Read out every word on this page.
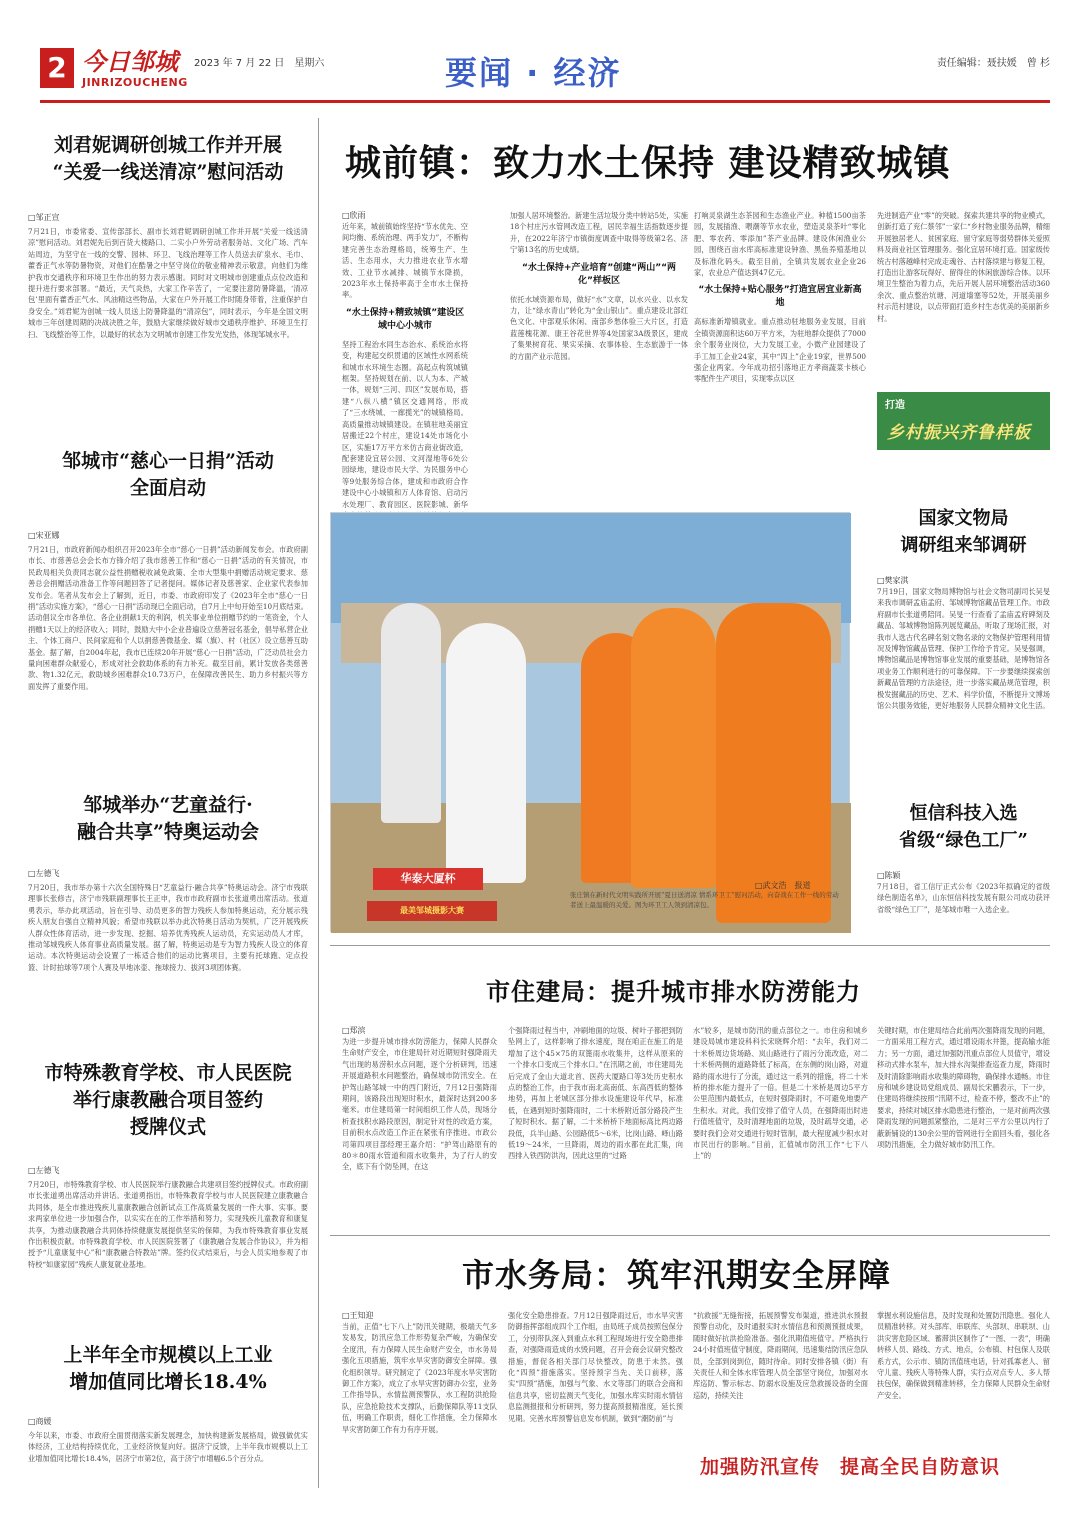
2 今日邹城
JINRIZOUCHENG
2023 年 7 月 22 日　星期六	要闻 · 经济	责任编辑：聂扶媛　曾 杉
刘君妮调研创城工作并开展
“关爱一线送清凉”慰问活动
□邹正宣
7月21日，市委常委、宣传部部长、副市长刘君妮调研创城工作并开展“关爱一线送清凉”慰问活动。刘君妮先后到百货大楼路口、二实小户外劳动者服务站、文化广场、汽车站周边，为坚守在一线的交警、园林、环卫、飞线治理等工作人员送去矿泉水、毛巾、藿香正气水等防暑物资，对他们在酷暑之中坚守岗位的敬业精神表示敬意，向他们为维护我市交通秩序和环境卫生作出的努力表示感谢。同时对文明城市创建重点点位改造和提升进行要求部署。“最近，天气炎热，大家工作辛苦了，一定要注意防暑降温，‘清凉包’里面有藿香正气水、风油精这些物品，大家在户外开展工作时随身带着，注重保护自身安全。”刘君妮为创城一线人员送上防暑降温的“清凉包”，同时表示，今年是全国文明城市三年创建周期的决战决胜之年，鼓励大家继续做好城市交通秩序维护、环境卫生打扫、飞线整治等工作，以最好的状态为文明城市创建工作发光发热，体现邹城水平。
邹城市“慈心一日捐”活动
全面启动
□宋亚娜
7月21日，市政府新闻办组织召开2023年全市“慈心一日捐”活动新闻发布会。市政府副市长、市慈善总会会长布方锋介绍了我市慈善工作和“慈心一日捐”活动的有关情况，市民政局相关负责同志就公益性捐赠税收减免政策、全市大型集中捐赠活动规定要求、慈善总会捐赠活动准备工作等问题回答了记者提问。媒体记者及慈善家、企业家代表参加发布会。笔者从发布会上了解到，近日，市委、市政府印发了《2023年全市“慈心一日捐”活动实施方案》，“慈心一日捐”活动现已全面启动，自7月上中旬开始至10月底结束。活动倡议全市各单位、各企业捐献1天的利润，机关事业单位捐赠节约的一笔资金，个人捐赠1天以上的经济收入；同时，鼓励大中小企业普遍设立慈善冠名基金，倡导私营企业主、个体工商户、民间家庭和个人以捐慈善微基金、媒（旗）、村（社区）设立慈善互助基金。据了解，自2004年起，我市已连续20年开展“慈心一日捐”活动，广泛动员社会力量向困难群众献爱心，形成对社会救助体系的有力补充。截至目前，累计发放各类慈善款、物1.32亿元，救助城乡困难群众10.73万户，在保障改善民生、助力乡村振兴等方面发挥了重要作用。
邹城举办“艺童益行·
融合共享”特奥运动会
□左德飞
7月20日，我市举办第十六次全国特殊日“艺童益行·融合共享”特奥运动会。济宁市残联理事长张修吉，济宁市残联副理事长王正申，我市市政府副市长张道勇出席活动。张道勇表示，举办此项活动，旨在引导、动员更多的智力残疾人参加特奥运动，充分展示残疾人朋友自强自立精神风貌；希望市残联以举办此次特奥日活动为契机，广泛开展残疾人群众性体育活动，进一步发现、挖掘、培养优秀残疾人运动员，充实运动员人才库，推动邹城残疾人体育事业高质量发展。据了解，特奥运动是专为智力残疾人设立的体育运动。本次特奥运动会设置了一栋适合他们的运动比赛项目，主要有托球跑、定点投篮、计时拍球等7项个人赛及旱地冰壶、拖球接力、拔河3项团体赛。
市特殊教育学校、市人民医院
举行康教融合项目签约
授牌仪式
□左德飞
7月20日，市特殊教育学校、市人民医院举行康教融合共建项目签约授牌仪式。市政府副市长张道勇出席活动并讲话。张道勇指出，市特殊教育学校与市人民医院建立康教融合共同体，是全市推进残疾儿童康教融合创新试点工作高质量发展的一件大事、实事。要求两家单位进一步加强合作，以实实在在的工作举措和努力，实现残疾儿童教育和康复共享，为推动康教融合共同体持续健康发展提供坚实的保障，为我市特殊教育事业发展作出积极贡献。市特殊教育学校、市人民医院签署了《康教融合发展合作协议》，并为相授予“儿童康复中心”和“康教融合特教站”牌。签约仪式结束后，与会人员实地参观了市特校“如康家园”残疾人康复就业基地。
上半年全市规模以上工业
增加值同比增长18.4%
□商媛
今年以来，市委、市政府全面贯彻落实新发展理念，加快构建新发展格局，做强做优实体经济，工业结构持续优化，工业经济恢复向好。据济宁反馈，上半年我市规模以上工业增加值同比增长18.4%，居济宁市第2位，高于济宁市增幅6.5个百分点。
城前镇：致力水土保持 建设精致城镇
□欣雨
近年来，城前镇始终坚持“节水优先、空间均衡、系统治理、两手发力”，不断构建完善生态治理格局，统筹生产、生活、生态用水，大力推进农业节水增效、工业节水减排、城镇节水降损，2023年水土保持率高于全市水土保持率。
“水土保持+精致城镇”建设区域中心小城市
坚持工程治水同生态治水、系统治水将变，构建起交织贯通的区域性水网系统和城市水环境生态圈。高起点构筑城镇框架。坚持规划在前、以人为本、产城一体，规划“三河、四区”发展布局，搭建“八纵八横”镇区交通网络，形成了“三水绕城、一廊揽光”的城镇格局。高质量推动城镇建设。在镇驻地美丽宜居搬迁22个村庄，建设14处市场化小区，实施17万平方米仿古商业街改造，配套建设宜居公园、文河湿地等6处公园绿地，建设市民大学、为民服务中心等9处服务综合体，建成和市政府合作建设中心小城镇和万人体育馆、启动污水处理厂、教育园区、医院影城、新华
加强人居环境整治。新建生活垃圾分类中转站5处，实施18个村庄污水管网改造工程，居民幸福生活指数逐步提升，在2022年济宁市镇街度调查中取得等级第2名、济宁第13名的历史成绩。
“水土保持+产业培育”创建“两山”“两化”样板区
依托水域资源布局，做好“水”文章，以水兴业、以水发力，让“绿水青山”转化为“金山银山”。重点建设北部红色文化、中部观乐休闲、南部乡愁体验三大片区，打造蓝莲槐花源、康王谷花世界等4处国家3A级景区，建成了集果树育花、果实采摘、农事体验、生态旅游于一体的方面产业示范园。
打响灵泉湖生态茶园和生态渔业产业。种植1500亩茶园，发展插渔、喂潮等节水农业，塑造灵泉茶叶“零化肥、零农药、零添加”茶产业品牌。建设休闲渔业公园，围绕百亩水库高标准建设钟渔、黑鱼养殖基地以及标准化码头。截至目前，全镇共发展农业企业26家，农业总产值达到47亿元。
“水土保持+贴心服务”打造宜居宜业新高地
高标准新增镇就业。重点推动驻地服务业发展，目前全镇资源面积达60万平方米，为驻地群众提供了7000余个服务业岗位，大力发展工业，小微产业园建设了手工加工企业24家，其中“四上”企业19家，世界500强企业两家。今年成功招引落地正方孝商蔬菜卡核心零配件生产项目，实现零点以区
先进制造产业“零”的突破。探索共建共享的物业模式，创新打造了兖仁蔡邻”一家仁“乡村物业服务品牌，精细开展独居老人、贫困家庭、留守家庭等弱势群体关爱照料及商业社区管理服务。强化宜居环境打造。国家级传统古村落越峰村完成走魂谷、古村落续建与修复工程，打造出让游客玩得好、留得住的休闲旅游综合体。以环境卫生整治为着力点，先后开展人居环境整治活动360余次、重点整治坑塘、河道墙塞等52处，开展美丽乡村示范村建设，以点带面打造乡村生态优美的美丽新乡村。
打造
乡村振兴齐鲁样板
华泰大厦杯
最美邹城摄影大赛
□武文浩　报道
张庄镇在新时代文明实践所开展“夏日送清凉 情系环卫工”慰问活动，向奋战在工作一线的劳动者送上最温暖的关爱。图为环卫工人领到清凉包。
国家文物局
调研组来邹调研
□樊家淇
7月19日，国家文物局博物馆与社会文物司副司长吴旻来我市调研孟庙孟府、邹城博物馆藏品管理工作。市政府副市长张道勇陪同。吴旻一行查看了孟庙孟府碑刻及藏品、邹城博物馆陈列展览藏品，听取了现场汇报，对我市人选古代名碑名刻文物名录的文物保护管理利用情况及博物馆藏品管理、保护工作给予肯定。吴旻强调，博物馆藏品是博物馆事业发展的重要基础，是博物馆各项业务工作顺利进行的可靠保障。下一步要继续探索创新藏品管理的方法途径，进一步落实藏品规范管理，积极发掘藏品的历史、艺术、科学价值，不断提升文博场馆公共服务效能，更好地服务人民群众精神文化生活。
恒信科技入选
省级“绿色工厂”
□陈颖
7月18日，省工信厅正式公布《2023年拟确定的省级绿色制造名单》，山东恒信科技发展有限公司成功获评省级“绿色工厂”，是邹城市唯一入选企业。
市住建局：提升城市排水防涝能力
□郑滨
为进一步提升城市排水防涝能力，保障人民群众生命财产安全，市住建局针对近期短时强降雨天气出现的易涝积水点问题，逐个分析研判，迅速开展道路积水问题整治，确保城市防汛安全。在护驾山路邹城一中的西门附近，7月12日强降雨期间，该路段出现短时积水，最深时达到200多毫米。市住建局第一时间组织工作人员，现场分析查找积水路段原因，制定针对性的改造方案，目前积水点改造工作正在紧张有序推进。市政公司第四项目部经理王嘉介绍：“护驾山路原有的80＊80雨水管道和雨水收集井，为了行人的安全，底下有个防坠网，在这
个强降雨过程当中，冲刷地面的垃圾、树叶子都把到防坠网上了，这样影响了排水速度，现在咱正在施工的是增加了这个45×75的双篦雨水收集井，这样从原来的一个排水口变成三个排水口。”在汛期之前，市住建局先后完成了金山大道北首、医药大厦路口等3处历史积水点的整治工作，由于我市南北高南低、东高西低的整体地势，再加上老城区部分排水设施建设年代早，标准低，在遇到短时强降雨时，二十米桥附近部分路段产生了短时积水。据了解，二十米桥桥下地面标高比两边路段低，兵半山路、公园路低5～6米，比岗山路、峄山路低19～24米，一旦降雨，周边的雨水都在此汇集，向西排入铁西防洪沟，因此这里的“过路
水”较多，是城市防汛的重点部位之一。市住房和城乡建设局城市建设科科长宋晓辉介绍：“去年，我们对二十米桥周边货场路、岚山路进行了雨污分流改造，对二十米桥两侧的道路降低了标高，在东侧的岗山路，对道路的雨水进行了分流，通过这一系列的措施，将二十米桥的排水能力提升了一倍。但是二十米桥是周边5平方公里范围内最低点，在短时强降雨时，不可避免地要产生积水。对此，我们安排了值守人员，在强降雨出时进行值班值守，及时清理地面的垃圾，及时疏导交通，必要时我们会对交通进行短时管制，最大程度减少积水对市民出行的影响。”目前，汇值城市防汛工作“七下八上”的
关键时期，市住建局结合此前两次强降雨发现的问题，一方面采用工程方式，通过增设雨水井篦，提高输水能力；另一方面，通过加强防汛重点部位人员值守，增设移动式排水泵车，加大排水沟渠排查巡查力度，降雨时及时清除影响雨水收集的障碍物，确保排水通畅。市住房和城乡建设局党组成员、副局长宋鹏表示，下一步，住建局将继续按照“汛期不过，检查不停，整改不止”的要求，持续对城区排水隐患进行整治，一是对前两次强降雨发现的问题抓紧整治，二是对三平方公里以内行了蔽新铺设的130余公里的管网进行全面回头看，强化各项防汛措施，全力做好城市防汛工作。
市水务局：筑牢汛期安全屏障
□王知迎
当前，正值“七下八上”防汛关键期，极端天气多发易发，防汛应急工作形势复杂严峻，为确保安全度汛，有力保障人民生命财产安全，市水务局强化五项措施，筑牢水旱灾害防御安全屏障。强化组织领导。研究制定了《2023年度水旱灾害防御工作方案》，成立了水旱灾害防御办公室，业务工作指导队，水情监测预警队，水工程防洪抢险队，应急抢险技术支撑队，后勤保障队等11支队伍，明确工作职责，细化工作措施，全力保障水旱灾害防御工作有力有序开展。
强化安全隐患排查。7月12日强降雨过后，市水旱灾害防御指挥部组成四个工作组，由局班子成员按照包保分工，分别带队深入到重点水利工程现场进行安全隐患排查，对强降雨造成的水毁问题，召开会商会议研究整改措施，督促各相关部门尽快整改，防患于未然。强化“四预”措施落实。坚持预字当先、关口前移，落实“四预”措施，加强与气象、水文等部门的联合会商和信息共享，密切监测天气变化，加强水库实时雨水情信息监测报报和分析研判，努力提高预报精准度，延长预见期。完善水库预警信息发布机制，做到“潮防前”与
“抗救援”无缝衔接，拓展预警发布渠道，推进洪水预报预警自动化，及时通报实时水情信息和预测预报成果，随时做好抗洪抢险准备。强化汛期值班值守。严格执行24小时值班值守制度，降雨期间，迅速集结防汛应急队员，全部到岗到位，随时待命。同时安排各镇（街）有关责任人和全体水库管理人员全部坚守岗位，加强对水库巡防、警示标志、防溺水设施及应急救援设备的全面巡防，持续关注
掌握水利设施信息，及时发现和处置防汛隐患。强化人员精准转移。对头部库、串联库、头部坝、串联坝、山洪灾害危险区域、蓄滞洪区制作了“一图、一表”，明确转移人员、路线、方式、地点，公布镇、村包保人及联系方式，公示市、镇防汛值班电话，针对孤寡老人、留守儿童、残疾人等特殊人群，实行点对点专人、多人帮扶包保，确保做到精准转移，全力保障人民群众生命财产安全。
加强防汛宣传　提高全民自防意识
